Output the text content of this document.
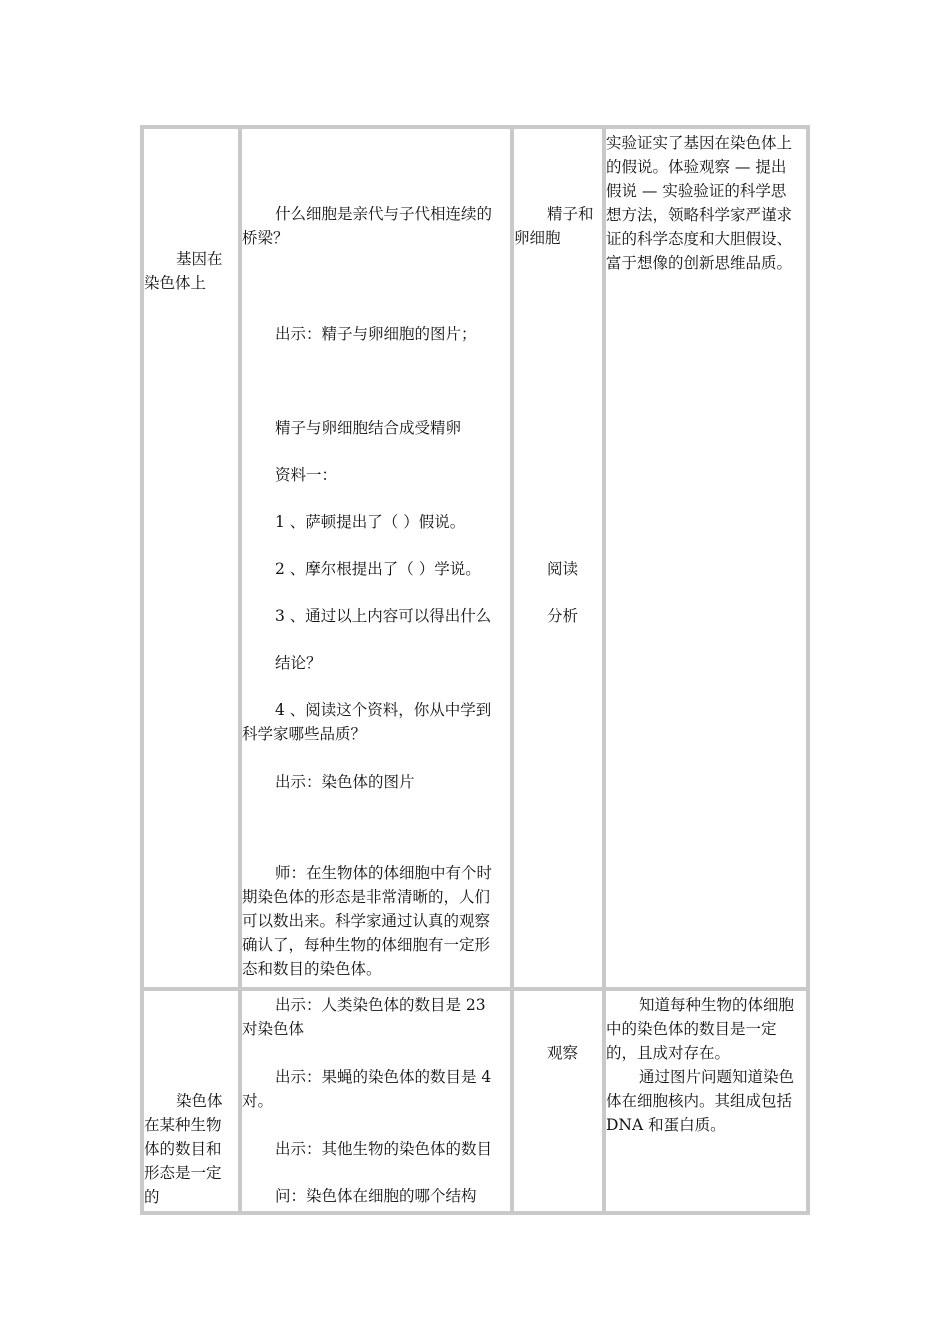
基因在

染色体上

什么细胞是亲代与子代相连续的

桥梁？

出示：精子与卵细胞的图片；

精子与卵细胞结合成受精卵

资料一：

1 、萨顿提出了（ ）假说。

2 、摩尔根提出了（ ）学说。

3 、通过以上内容可以得出什么

结论？

4 、阅读这个资料，你从中学到

科学家哪些品质？

出示：染色体的图片

师：在生物体的体细胞中有个时

期染色体的形态是非常清晰的，人们

可以数出来。科学家通过认真的观察

确认了，每种生物的体细胞有一定形

态和数目的染色体。

精子和

卵细胞

阅读

分析

实验证实了基因在染色体上

的假说。体验观察 — 提出

假说 — 实验验证的科学思

想方法，领略科学家严谨求

证的科学态度和大胆假设、

富于想像的创新思维品质。

染色体

在某种生物

体的数目和

形态是一定

的

出示：人类染色体的数目是 23

对染色体

出示：果蝇的染色体的数目是 4

对。

出示：其他生物的染色体的数目

问：染色体在细胞的哪个结构

观察

知道每种生物的体细胞

中的染色体的数目是一定

的，且成对存在。

通过图片问题知道染色

体在细胞核内。其组成包括

DNA 和蛋白质。
